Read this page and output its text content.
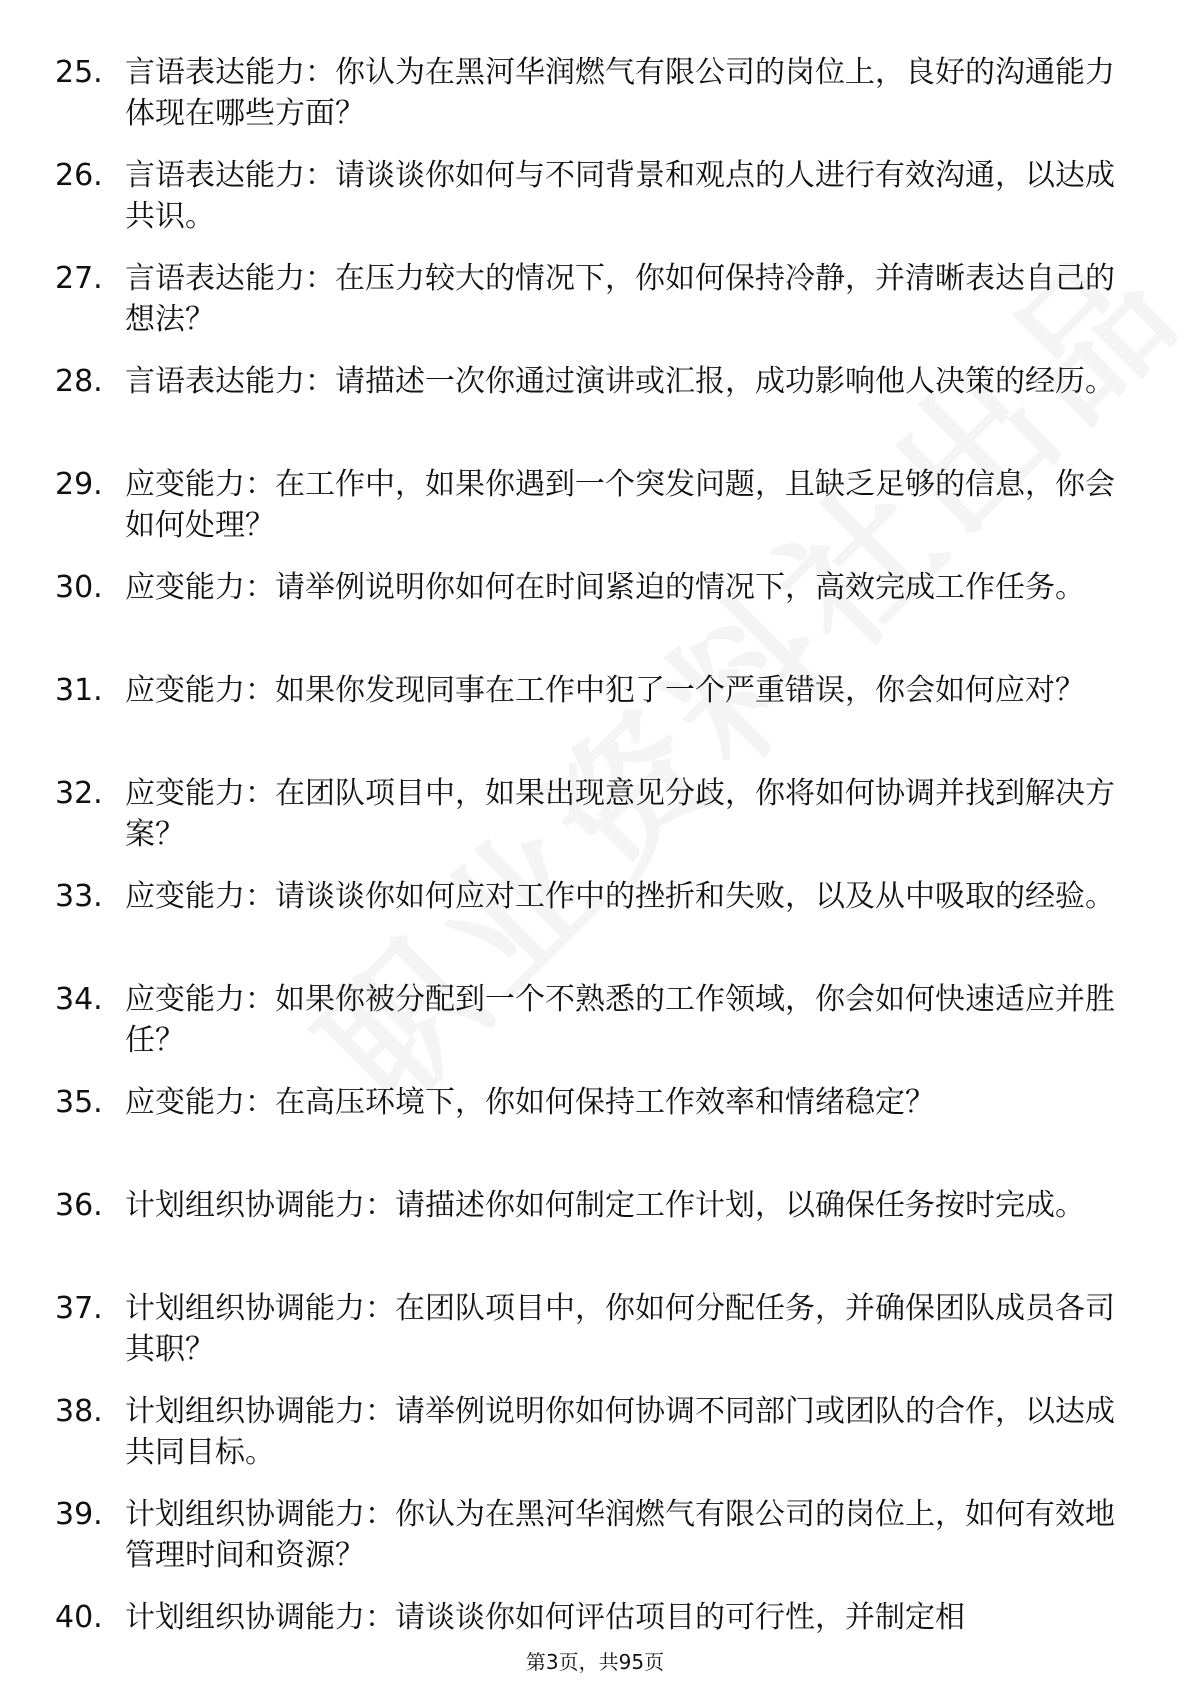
25. 言语表达能力：你认为在黑河华润燃气有限公司的岗位上，良好的沟通能力体现在哪些方面？
26. 言语表达能力：请谈谈你如何与不同背景和观点的人进行有效沟通，以达成共识。
27. 言语表达能力：在压力较大的情况下，你如何保持冷静，并清晰表达自己的想法？
28. 言语表达能力：请描述一次你通过演讲或汇报，成功影响他人决策的经历。
29. 应变能力：在工作中，如果你遇到一个突发问题，且缺乏足够的信息，你会如何处理？
30. 应变能力：请举例说明你如何在时间紧迫的情况下，高效完成工作任务。
31. 应变能力：如果你发现同事在工作中犯了一个严重错误，你会如何应对？
32. 应变能力：在团队项目中，如果出现意见分歧，你将如何协调并找到解决方案？
33. 应变能力：请谈谈你如何应对工作中的挫折和失败，以及从中吸取的经验。
34. 应变能力：如果你被分配到一个不熟悉的工作领域，你会如何快速适应并胜任？
35. 应变能力：在高压环境下，你如何保持工作效率和情绪稳定？
36. 计划组织协调能力：请描述你如何制定工作计划，以确保任务按时完成。
37. 计划组织协调能力：在团队项目中，你如何分配任务，并确保团队成员各司其职？
38. 计划组织协调能力：请举例说明你如何协调不同部门或团队的合作，以达成共同目标。
39. 计划组织协调能力：你认为在黑河华润燃气有限公司的岗位上，如何有效地管理时间和资源？
40. 计划组织协调能力：请谈谈你如何评估项目的可行性，并制定相
第3页，共95页
